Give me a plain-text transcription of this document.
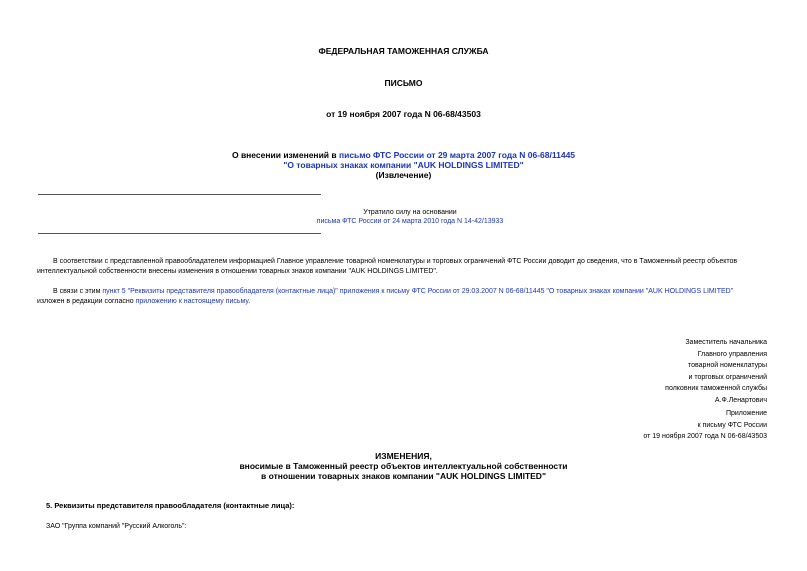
ФЕДЕРАЛЬНАЯ ТАМОЖЕННАЯ СЛУЖБА
ПИСЬМО
от 19 ноября 2007 года N 06-68/43503
О внесении изменений в письмо ФТС России от 29 марта 2007 года N 06-68/11445
"О товарных знаках компании "AUK HOLDINGS LIMITED"
(Извлечение)
Утратило силу на основании
письма ФТС России от 24 марта 2010 года N 14-42/13933
В соответствии с представленной правообладателем информацией Главное управление товарной номенклатуры и торговых ограничений ФТС России доводит до сведения, что в Таможенный реестр объектов
интеллектуальной собственности внесены изменения в отношении товарных знаков компании "AUK HOLDINGS LIMITED".
В связи с этим пункт 5 "Реквизиты представителя правообладателя (контактные лица)" приложения к письму ФТС России от 29.03.2007 N 06-68/11445 "О товарных знаках компании "AUK HOLDINGS LIMITED"
изложен в редакции согласно приложению к настоящему письму.
Заместитель начальника
Главного управления
товарной номенклатуры
и торговых ограничений
полковник таможенной службы
А.Ф.Ленартович
Приложение
к письму ФТС России
от 19 ноября 2007 года N 06-68/43503
ИЗМЕНЕНИЯ,
вносимые в Таможенный реестр объектов интеллектуальной собственности
в отношении товарных знаков компании "AUK HOLDINGS LIMITED"
5. Реквизиты представителя правообладателя (контактные лица):
ЗАО "Группа компаний "Русский Алкоголь":
